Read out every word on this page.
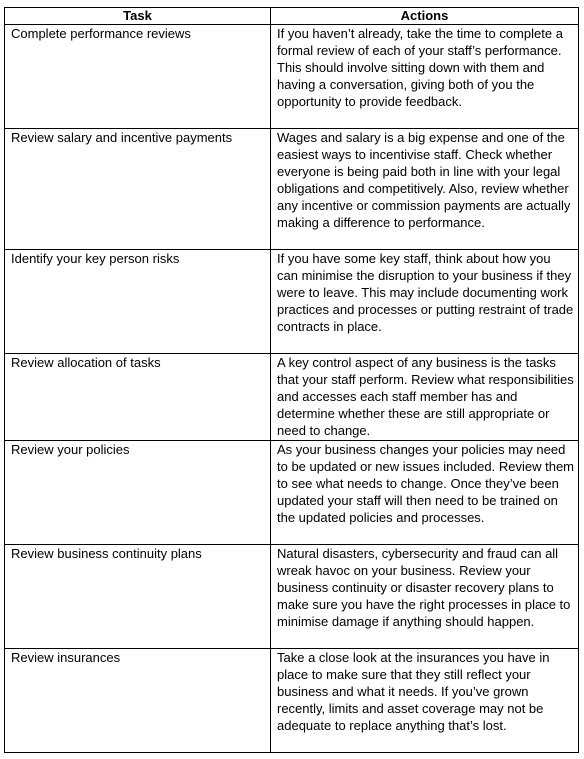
Task	Actions
Complete performance reviews	If you haven’t already, take the time to complete a formal review of each of your staff’s performance. This should involve sitting down with them and having a conversation, giving both of you the opportunity to provide feedback.
Review salary and incentive payments	Wages and salary is a big expense and one of the easiest ways to incentivise staff. Check whether everyone is being paid both in line with your legal obligations and competitively. Also, review whether any incentive or commission payments are actually making a difference to performance.
Identify your key person risks	If you have some key staff, think about how you can minimise the disruption to your business if they were to leave. This may include documenting work practices and processes or putting restraint of trade contracts in place.
Review allocation of tasks	A key control aspect of any business is the tasks that your staff perform. Review what responsibilities and accesses each staff member has and determine whether these are still appropriate or need to change.
Review your policies	As your business changes your policies may need to be updated or new issues included. Review them to see what needs to change. Once they’ve been updated your staff will then need to be trained on the updated policies and processes.
Review business continuity plans	Natural disasters, cybersecurity and fraud can all wreak havoc on your business. Review your business continuity or disaster recovery plans to make sure you have the right processes in place to minimise damage if anything should happen.
Review insurances	Take a close look at the insurances you have in place to make sure that they still reflect your business and what it needs. If you’ve grown recently, limits and asset coverage may not be adequate to replace anything that’s lost.
